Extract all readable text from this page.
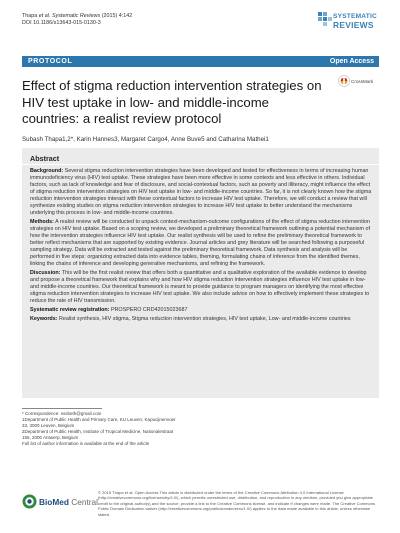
Thapa et al. Systematic Reviews (2015) 4:142
DOI 10.1186/s13643-015-0130-3
SYSTEMATIC
REVIEWS
PROTOCOL	Open Access
CrossMark
Effect of stigma reduction intervention strategies on HIV test uptake in low- and middle-income countries: a realist review protocol

Subash Thapa1,2*, Karin Hannes3, Margaret Cargo4, Anne Buve5 and Catharina Mathei1

Abstract

Background: Several stigma reduction intervention strategies have been developed and tested for effectiveness in terms of increasing human immunodeficiency virus (HIV) test uptake. These strategies have been more effective in some contexts and less effective in others. Individual factors, such as lack of knowledge and fear of disclosure, and social-contextual factors, such as poverty and illiteracy, might influence the effect of stigma reduction intervention strategies on HIV test uptake in low- and middle-income countries. So far, it is not clearly known how the stigma reduction intervention strategies interact with these contextual factors to increase HIV test uptake. Therefore, we will conduct a review that will synthesize existing studies on stigma reduction intervention strategies to increase HIV test uptake to better understand the mechanisms underlying this process in low- and middle-income countries.

Methods: A realist review will be conducted to unpack context-mechanism-outcome configurations of the effect of stigma reduction intervention strategies on HIV test uptake. Based on a scoping review, we developed a preliminary theoretical framework outlining a potential mechanism of how the intervention strategies influence HIV test uptake. Our realist synthesis will be used to refine the preliminary theoretical framework to better reflect mechanisms that are supported by existing evidence. Journal articles and grey literature will be searched following a purposeful sampling strategy. Data will be extracted and tested against the preliminary theoretical framework. Data synthesis and analysis will be performed in five steps: organizing extracted data into evidence tables, theming, formulating chains of inference from the identified themes, linking the chains of inference and developing generative mechanisms, and refining the framework.

Discussion: This will be the first realist review that offers both a quantitative and a qualitative exploration of the available evidence to develop and propose a theoretical framework that explains why and how HIV stigma reduction intervention strategies influence HIV test uptake in low- and middle-income countries. Our theoretical framework is meant to provide guidance to program managers on identifying the most effective stigma reduction intervention strategies to increase HIV test uptake. We also include advice on how to effectively implement these strategies to reduce the rate of HIV transmission.

Systematic review registration: PROSPERO CRD42015023687

Keywords: Realist synthesis, HIV stigma, Stigma reduction intervention strategies, HIV test uptake, Low- and middle-income countries

* Correspondence: sssbeth@gmail.com

1Department of Public Health and Primary Care, KU Leuven, Kapucijnenvoer 33, 3000 Leuven, Belgium

2Department of Public Health, Institute of Tropical Medicine, Nationalestraat 155, 2000 Antwerp, Belgium

Full list of author information is available at the end of the article

BioMed Central
© 2015 Thapa et al. Open Access This article is distributed under the terms of the Creative Commons Attribution 4.0 International License (http://creativecommons.org/licenses/by/4.0/), which permits unrestricted use, distribution, and reproduction in any medium, provided you give appropriate credit to the original author(s) and the source, provide a link to the Creative Commons license, and indicate if changes were made. The Creative Commons Public Domain Dedication waiver (http://creativecommons.org/publicdomain/zero/1.0/) applies to the data made available in this article, unless otherwise stated.
